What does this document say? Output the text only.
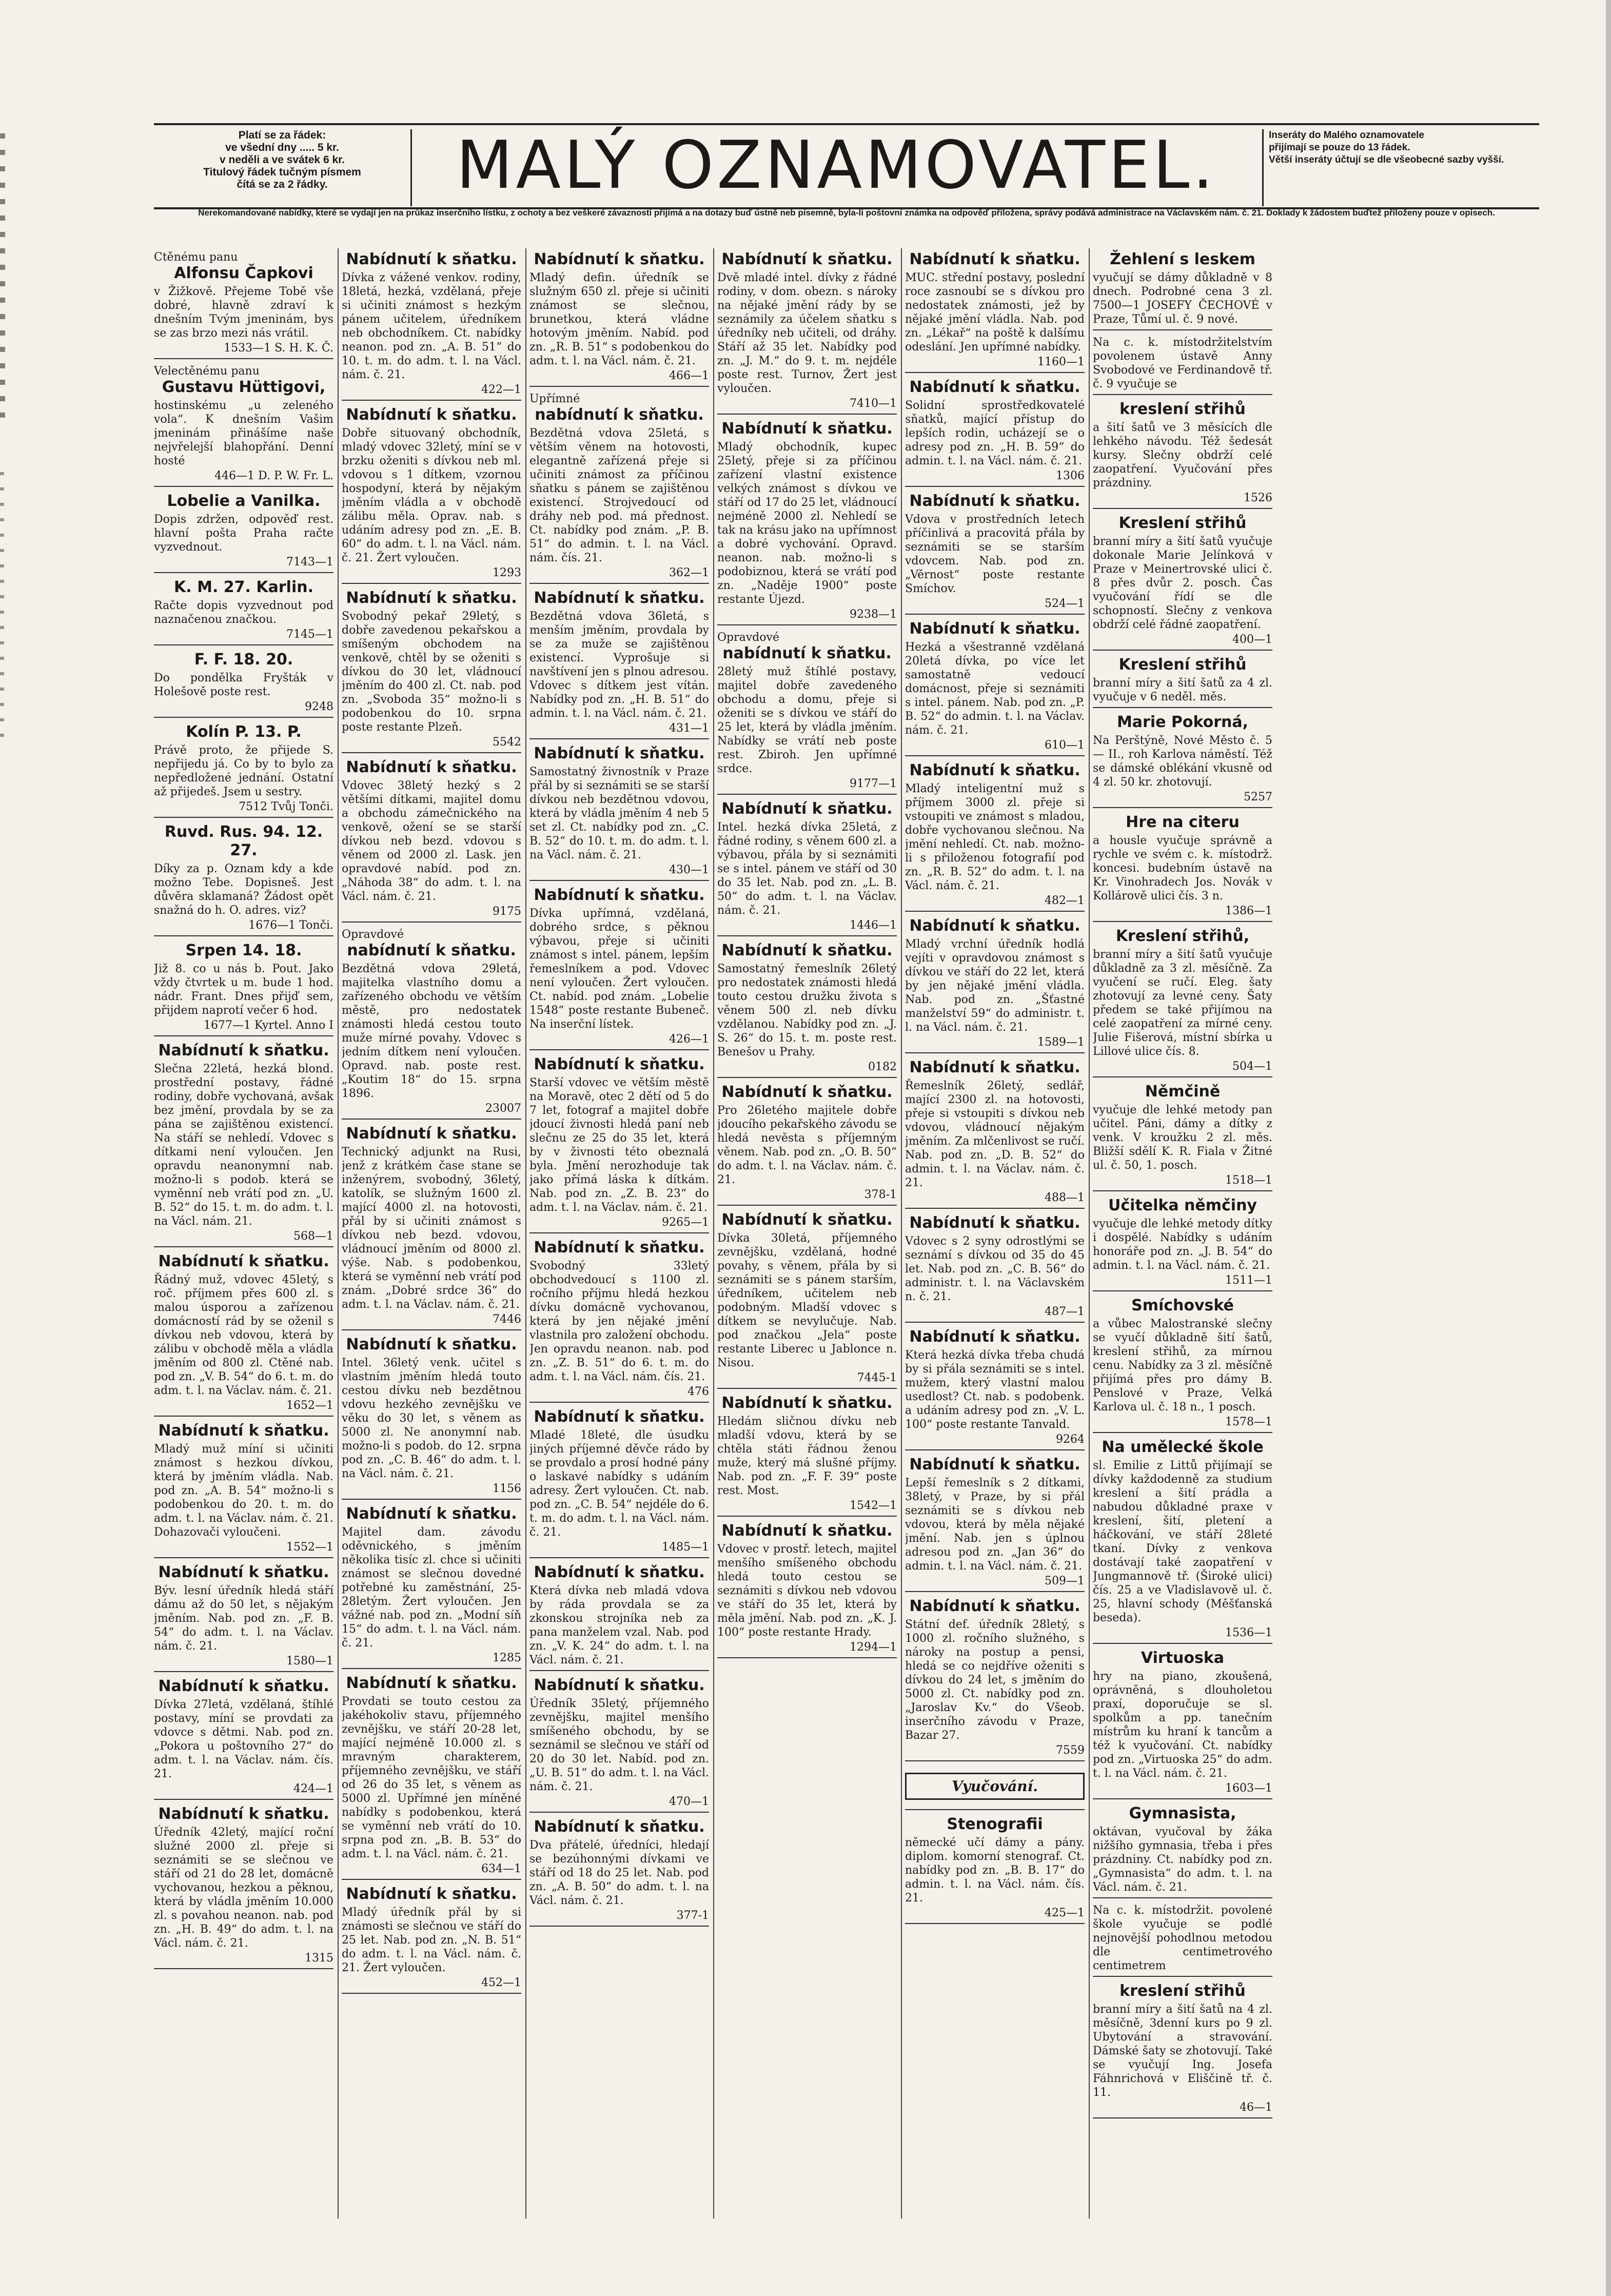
Platí se za řádek:
ve všední dny ..... 5 kr.
v neděli a ve svátek 6 kr.
Titulový řádek tučným písmem
čítá se za 2 řádky.	MALÝ OZNAMOVATEL.	Inseráty do Malého oznamovatele
přijímají se pouze do 13 řádek.
Větší inseráty účtují se dle všeobecné sazby vyšší.
Nerekomandované nabídky, které se vydají jen na průkaz inserčního lístku, z ochoty a bez veškeré závaznosti přijímá a na dotazy buď ústně neb písemně, byla-li poštovní známka na odpověď přiložena, správy podává administrace na Václavském nám. č. 21. Doklady k žádostem buďtež přiloženy pouze v opisech.

Ctěnému panu

Alfonsu Čapkovi

v Žižkově. Přejeme Tobě vše dobré, hlavně zdraví k dnešním Tvým jmeninám, bys se zas brzo mezi nás vrátil.

1533—1 S. H. K. Č.

Velectěnému panu

Gustavu Hüttigovi,

hostinskému „u zeleného vola“. K dnešním Vašim jmeninám přinášíme naše nejvřelejší blahopřání. Denní hosté

446—1 D. P. W. Fr. L.

Lobelie a Vanilka.

Dopis zdržen, odpověď rest. hlavní pošta Praha račte vyzvednout.

7143—1

K. M. 27. Karlin.

Račte dopis vyzvednout pod naznačenou značkou.

7145—1

F. F. 18. 20.

Do pondělka Fryšták v Holešově poste rest.

9248

Kolín P. 13. P.

Právě proto, že přijede S. nepřijedu já. Co by to bylo za nepředložené jednání. Ostatní až přijedeš. Jsem u sestry.

7512 Tvůj Tonči.

Ruvd. Rus. 94. 12. 27.

Díky za p. Oznam kdy a kde možno Tebe. Dopisneš. Jest důvěra sklamaná? Žádost opět snažná do h. O. adres. viz?

1676—1 Tonči.

Srpen 14. 18.

Již 8. co u nás b. Pout. Jako vždy čtvrtek u m. bude 1 hod. nádr. Frant. Dnes přijď sem, přijdem naprotí večer 6 hod.

1677—1 Kyrtel. Anno I

Nabídnutí k sňatku.

Slečna 22letá, hezká blond. prostřední postavy, řádné rodiny, dobře vychovaná, avšak bez jmění, provdala by se za pána se zajištěnou existencí. Na stáří se nehledí. Vdovec s dítkami není vyloučen. Jen opravdu neanonymní nab. možno-li s podob. která se vyměnní neb vrátí pod zn. „U. B. 52“ do 15. t. m. do adm. t. l. na Václ. nám. 21.

568—1

Nabídnutí k sňatku.

Řádný muž, vdovec 45letý, s roč. příjmem přes 600 zl. s malou úsporou a zařízenou domácností rád by se oženil s dívkou neb vdovou, která by zálibu v obchodě měla a vládla jměním od 800 zl. Ctěné nab. pod zn. „V. B. 54“ do 6. t. m. do adm. t. l. na Václav. nám. č. 21.

1652—1

Nabídnutí k sňatku.

Mladý muž míní si učiniti známost s hezkou dívkou, která by jměním vládla. Nab. pod zn. „A. B. 54“ možno-li s podobenkou do 20. t. m. do adm. t. l. na Václav. nám. č. 21. Dohazovači vyloučeni.

1552—1

Nabídnutí k sňatku.

Býv. lesní úředník hledá stáří dámu až do 50 let, s nějakým jměním. Nab. pod zn. „F. B. 54“ do adm. t. l. na Václav. nám. č. 21.

1580—1

Nabídnutí k sňatku.

Dívka 27letá, vzdělaná, štíhlé postavy, míní se provdati za vdovce s dětmi. Nab. pod zn. „Pokora u poštovního 27“ do adm. t. l. na Václav. nám. čís. 21.

424—1

Nabídnutí k sňatku.

Úředník 42letý, mající roční služné 2000 zl. přeje si seznámiti se se slečnou ve stáří od 21 do 28 let, domácně vychovanou, hezkou a pěknou, která by vládla jměním 10.000 zl. s povahou neanon. nab. pod zn. „H. B. 49“ do adm. t. l. na Václ. nám. č. 21.

1315

Nabídnutí k sňatku.

Dívka z vážené venkov. rodiny, 18letá, hezká, vzdělaná, přeje si učiniti známost s hezkým pánem učitelem, úředníkem neb obchodníkem. Ct. nabídky neanon. pod zn. „A. B. 51“ do 10. t. m. do adm. t. l. na Václ. nám. č. 21.

422—1

Nabídnutí k sňatku.

Dobře situovaný obchodník, mladý vdovec 32letý, míní se v brzku oženiti s dívkou neb ml. vdovou s 1 dítkem, vzornou hospodyní, která by nějakým jměním vládla a v obchodě zálibu měla. Oprav. nab. s udáním adresy pod zn. „E. B. 60“ do adm. t. l. na Václ. nám. č. 21. Žert vyloučen.

1293

Nabídnutí k sňatku.

Svobodný pekař 29letý, s dobře zavedenou pekařskou a smíšeným obchodem na venkově, chtěl by se oženiti s dívkou do 30 let, vládnoucí jměním do 400 zl. Ct. nab. pod zn. „Svoboda 35“ možno-li s podobenkou do 10. srpna poste restante Plzeň.

5542

Nabídnutí k sňatku.

Vdovec 38letý hezký s 2 většími dítkami, majitel domu a obchodu zámečnického na venkově, ožení se se starší dívkou neb bezd. vdovou s věnem od 2000 zl. Lask. jen opravdové nabíd. pod zn. „Náhoda 38“ do adm. t. l. na Václ. nám. č. 21.

9175

Opravdové

nabídnutí k sňatku.

Bezdětná vdova 29letá, majitelka vlastního domu a zařízeného obchodu ve větším městě, pro nedostatek známosti hledá cestou touto muže mírné povahy. Vdovec s jedním dítkem není vyloučen. Opravd. nab. poste rest. „Koutim 18“ do 15. srpna 1896.

23007

Nabídnutí k sňatku.

Technický adjunkt na Rusi, jenž z krátkém čase stane se inženýrem, svobodný, 36letý, katolík, se služným 1600 zl. mající 4000 zl. na hotovosti, přál by si učiniti známost s dívkou neb bezd. vdovou, vládnoucí jměním od 8000 zl. výše. Nab. s podobenkou, která se vyměnní neb vrátí pod znám. „Dobré srdce 36“ do adm. t. l. na Václav. nám. č. 21.

7446

Nabídnutí k sňatku.

Intel. 36letý venk. učitel s vlastním jměním hledá touto cestou dívku neb bezdětnou vdovu hezkého zevnějšku ve věku do 30 let, s věnem as 5000 zl. Ne anonymní nab. možno-li s podob. do 12. srpna pod zn. „C. B. 46“ do adm. t. l. na Václ. nám. č. 21.

1156

Nabídnutí k sňatku.

Majitel dam. závodu oděvnického, s jměním několika tisíc zl. chce si učiniti známost se slečnou dovedné potřebné ku zaměstnání, 25-28letým. Žert vyloučen. Jen vážné nab. pod zn. „Modní síň 15“ do adm. t. l. na Václ. nám. č. 21.

1285

Nabídnutí k sňatku.

Provdati se touto cestou za jakéhokoliv stavu, příjemného zevnějšku, ve stáří 20-28 let, mající nejméně 10.000 zl. s mravným charakterem, příjemného zevnějšku, ve stáří od 26 do 35 let, s věnem as 5000 zl. Upřímné jen míněné nabídky s podobenkou, která se vyměnní neb vrátí do 10. srpna pod zn. „B. B. 53“ do adm. t. l. na Václ. nám. č. 21.

634—1

Nabídnutí k sňatku.

Mladý úředník přál by si známosti se slečnou ve stáří do 25 let. Nab. pod zn. „N. B. 51“ do adm. t. l. na Václ. nám. č. 21. Žert vyloučen.

452—1

Nabídnutí k sňatku.

Mladý defin. úředník se služným 650 zl. přeje si učiniti známost se slečnou, brunetkou, která vládne hotovým jměním. Nabíd. pod zn. „R. B. 51“ s podobenkou do adm. t. l. na Václ. nám. č. 21.

466—1

Upřímné

nabídnutí k sňatku.

Bezdětná vdova 25letá, s větším věnem na hotovosti, elegantně zařízená přeje si učiniti známost za příčinou sňatku s pánem se zajištěnou existencí. Strojvedoucí od dráhy neb pod. má přednost. Ct. nabídky pod znám. „P. B. 51“ do admin. t. l. na Václ. nám. čís. 21.

362—1

Nabídnutí k sňatku.

Bezdětná vdova 36letá, s menším jměním, provdala by se za muže se zajištěnou existencí. Vyprošuje si navštívení jen s plnou adresou. Vdovec s dítkem jest vítán. Nabídky pod zn. „H. B. 51“ do admin. t. l. na Václ. nám. č. 21.

431—1

Nabídnutí k sňatku.

Samostatný živnostník v Praze přál by si seznámiti se se starší dívkou neb bezdětnou vdovou, která by vládla jměním 4 neb 5 set zl. Ct. nabídky pod zn. „C. B. 52“ do 10. t. m. do adm. t. l. na Václ. nám. č. 21.

430—1

Nabídnutí k sňatku.

Dívka upřímná, vzdělaná, dobrého srdce, s pěknou výbavou, přeje si učiniti známost s intel. pánem, lepším řemeslníkem a pod. Vdovec není vyloučen. Žert vyloučen. Ct. nabíd. pod znám. „Lobelie 1548“ poste restante Bubeneč. Na inserční lístek.

426—1

Nabídnutí k sňatku.

Starší vdovec ve větším městě na Moravě, otec 2 dětí od 5 do 7 let, fotograf a majitel dobře jdoucí živnosti hledá paní neb slečnu ze 25 do 35 let, která by v živnosti této obeznalá byla. Jmění nerozhoduje tak jako přímá láska k dítkám. Nab. pod zn. „Z. B. 23“ do adm. t. l. na Václav. nám. č. 21.

9265—1

Nabídnutí k sňatku.

Svobodný 33letý obchodvedoucí s 1100 zl. ročního příjmu hledá hezkou dívku domácně vychovanou, která by jen nějaké jmění vlastnila pro založení obchodu. Jen opravdu neanon. nab. pod zn. „Z. B. 51“ do 6. t. m. do adm. t. l. na Václ. nám. čís. 21.

476

Nabídnutí k sňatku.

Mladé 18leté, dle úsudku jiných příjemné děvče rádo by se provdalo a prosí hodné pány o laskavé nabídky s udáním adresy. Žert vyloučen. Ct. nab. pod zn. „C. B. 54“ nejdéle do 6. t. m. do adm. t. l. na Václ. nám. č. 21.

1485—1

Nabídnutí k sňatku.

Která dívka neb mladá vdova by ráda provdala se za zkonskou strojníka neb za pana manželem vzal. Nab. pod zn. „V. K. 24“ do adm. t. l. na Václ. nám. č. 21.

Nabídnutí k sňatku.

Úředník 35letý, příjemného zevnějšku, majitel menšího smíšeného obchodu, by se seznámil se slečnou ve stáří od 20 do 30 let. Nabíd. pod zn. „U. B. 51“ do adm. t. l. na Václ. nám. č. 21.

470—1

Nabídnutí k sňatku.

Dva přátelé, úředníci, hledají se bezúhonnými dívkami ve stáří od 18 do 25 let. Nab. pod zn. „A. B. 50“ do adm. t. l. na Václ. nám. č. 21.

377-1

Nabídnutí k sňatku.

Dvě mladé intel. dívky z řádné rodiny, v dom. obezn. s nároky na nějaké jmění rády by se seznámily za účelem sňatku s úředníky neb učiteli, od dráhy. Stáří až 35 let. Nabídky pod zn. „J. M.“ do 9. t. m. nejdéle poste rest. Turnov, Žert jest vyloučen.

7410—1

Nabídnutí k sňatku.

Mladý obchodník, kupec 25letý, přeje si za příčinou zařízení vlastní existence velkých známost s dívkou ve stáří od 17 do 25 let, vládnoucí nejméně 2000 zl. Nehledí se tak na krásu jako na upřímnost a dobré vychování. Opravd. neanon. nab. možno-li s podobiznou, která se vrátí pod zn. „Naděje 1900“ poste restante Újezd.

9238—1

Opravdové

nabídnutí k sňatku.

28letý muž štíhlé postavy, majitel dobře zavedeného obchodu a domu, přeje si oženiti se s dívkou ve stáří do 25 let, která by vládla jměním. Nabídky se vrátí neb poste rest. Zbiroh. Jen upřímné srdce.

9177—1

Nabídnutí k sňatku.

Intel. hezká dívka 25letá, z řádné rodiny, s věnem 600 zl. a výbavou, přála by si seznámiti se s intel. pánem ve stáří od 30 do 35 let. Nab. pod zn. „L. B. 50“ do adm. t. l. na Václav. nám. č. 21.

1446—1

Nabídnutí k sňatku.

Samostatný řemeslník 26letý pro nedostatek známosti hledá touto cestou družku života s věnem 500 zl. neb dívku vzdělanou. Nabídky pod zn. „J. S. 26“ do 15. t. m. poste rest. Benešov u Prahy.

0182

Nabídnutí k sňatku.

Pro 26letého majitele dobře jdoucího pekařského závodu se hledá nevěsta s příjemným věnem. Nab. pod zn. „O. B. 50“ do adm. t. l. na Václav. nám. č. 21.

378-1

Nabídnutí k sňatku.

Dívka 30letá, příjemného zevnějšku, vzdělaná, hodné povahy, s věnem, přála by si seznámiti se s pánem starším, úředníkem, učitelem neb podobným. Mladší vdovec s dítkem se nevylučuje. Nab. pod značkou „Jela“ poste restante Liberec u Jablonce n. Nisou.

7445-1

Nabídnutí k sňatku.

Hledám sličnou dívku neb mladší vdovu, která by se chtěla státi řádnou ženou muže, který má slušné příjmy. Nab. pod zn. „F. F. 39“ poste rest. Most.

1542—1

Nabídnutí k sňatku.

Vdovec v prostř. letech, majitel menšího smíšeného obchodu hledá touto cestou se seznámiti s dívkou neb vdovou ve stáří do 35 let, která by měla jmění. Nab. pod zn. „K. J. 100“ poste restante Hrady.

1294—1

Nabídnutí k sňatku.

MUC. střední postavy, poslední roce zasnoubí se s dívkou pro nedostatek známosti, jež by nějaké jmění vládla. Nab. pod zn. „Lékař“ na poště k dalšímu odeslání. Jen upřímné nabídky.

1160—1

Nabídnutí k sňatku.

Solidní sprostředkovatelé sňatků, mající přístup do lepších rodin, ucházejí se o adresy pod zn. „H. B. 59“ do admin. t. l. na Václ. nám. č. 21.

1306

Nabídnutí k sňatku.

Vdova v prostředních letech příčinlivá a pracovitá přála by seznámiti se se starším vdovcem. Nab. pod zn. „Věrnost“ poste restante Smíchov.

524—1

Nabídnutí k sňatku.

Hezká a všestranně vzdělaná 20letá dívka, po více let samostatně vedoucí domácnost, přeje si seznámiti s intel. pánem. Nab. pod zn. „P. B. 52“ do admin. t. l. na Václav. nám. č. 21.

610—1

Nabídnutí k sňatku.

Mladý inteligentní muž s příjmem 3000 zl. přeje si vstoupiti ve známost s mladou, dobře vychovanou slečnou. Na jmění nehledí. Ct. nab. možno-li s přiloženou fotografií pod zn. „R. B. 52“ do adm. t. l. na Václ. nám. č. 21.

482—1

Nabídnutí k sňatku.

Mladý vrchní úředník hodlá vejíti v opravdovou známost s dívkou ve stáří do 22 let, která by jen nějaké jmění vládla. Nab. pod zn. „Šťastné manželství 59“ do administr. t. l. na Václ. nám. č. 21.

1589—1

Nabídnutí k sňatku.

Řemeslník 26letý, sedlář, mající 2300 zl. na hotovosti, přeje si vstoupiti s dívkou neb vdovou, vládnoucí nějakým jměním. Za mlčenlivost se ručí. Nab. pod zn. „D. B. 52“ do admin. t. l. na Václav. nám. č. 21.

488—1

Nabídnutí k sňatku.

Vdovec s 2 syny odrostlými se seznámí s dívkou od 35 do 45 let. Nab. pod zn. „C. B. 56“ do administr. t. l. na Václavském n. č. 21.

487—1

Nabídnutí k sňatku.

Která hezká dívka třeba chudá by si přála seznámiti se s intel. mužem, který vlastní malou usedlost? Ct. nab. s podobenk. a udáním adresy pod zn. „V. L. 100“ poste restante Tanvald.

9264

Nabídnutí k sňatku.

Lepší řemeslník s 2 dítkami, 38letý, v Praze, by si přál seznámiti se s dívkou neb vdovou, která by měla nějaké jmění. Nab. jen s úplnou adresou pod zn. „Jan 36“ do admin. t. l. na Václ. nám. č. 21.

509—1

Nabídnutí k sňatku.

Státní def. úředník 28letý, s 1000 zl. ročního služného, s nároky na postup a pensi, hledá se co nejdříve oženiti s dívkou do 24 let, s jměním do 5000 zl. Ct. nabídky pod zn. „Jaroslav Kv.“ do Všeob. inserčního závodu v Praze, Bazar 27.

7559

Vyučování.
Stenografii

německé učí dámy a pány. diplom. komorní stenograf. Ct. nabídky pod zn. „B. B. 17“ do admin. t. l. na Václ. nám. čís. 21.

425—1

Žehlení s leskem

vyučují se dámy důkladně v 8 dnech. Podrobné cena 3 zl. 7500—1 JOSEFY ČECHOVÉ v Praze, Tůmí ul. č. 9 nové.

Na c. k. místodržitelstvím povolenem ústavě Anny Svobodové ve Ferdinandově tř. č. 9 vyučuje se

kreslení střihů

a šití šatů ve 3 měsících dle lehkého návodu. Též šedesát kursy. Slečny obdrží celé zaopatření. Vyučování přes prázdniny.

1526

Kreslení střihů

branní míry a šití šatů vyučuje dokonale Marie Jelínková v Praze v Meinertrovské ulici č. 8 přes dvůr 2. posch. Čas vyučování řídí se dle schopností. Slečny z venkova obdrží celé řádné zaopatření.

400—1

Kreslení střihů

branní míry a šití šatů za 4 zl. vyučuje v 6 neděl. měs.

Marie Pokorná,

Na Perštýně, Nové Město č. 5 — II., roh Karlova náměstí. Též se dámské oblékání vkusně od 4 zl. 50 kr. zhotovují.

5257

Hre na citeru

a housle vyučuje správně a rychle ve svém c. k. místodrž. koncesi. budebním ústavě na Kr. Vinohradech Jos. Novák v Kollárově ulici čís. 3 n.

1386—1

Kreslení střihů,

branní míry a šití šatů vyučuje důkladně za 3 zl. měsíčně. Za vyučení se ručí. Eleg. šaty zhotovují za levné ceny. Šaty předem se také přijímou na celé zaopatření za mírné ceny. Julie Fišerová, místní sbírka u Lillové ulice čís. 8.

504—1

Němčině

vyučuje dle lehké metody pan učitel. Páni, dámy a dítky z venk. V kroužku 2 zl. měs. Bližší sdělí K. R. Fiala v Žitné ul. č. 50, 1. posch.

1518—1

Učitelka němčiny

vyučuje dle lehké metody dítky i dospělé. Nabídky s udáním honoráře pod zn. „J. B. 54“ do admin. t. l. na Václ. nám. č. 21.

1511—1

Smíchovské

a vůbec Malostranské slečny se vyučí důkladně šití šatů, kreslení střihů, za mírnou cenu. Nabídky za 3 zl. měsíčně přijímá přes pro dámy B. Penslové v Praze, Velká Karlova ul. č. 18 n., 1 posch.

1578—1

Na umělecké škole

sl. Emilie z Littů přijímají se dívky každodenně za studium kreslení a šití prádla a nabudou důkladné praxe v kreslení, šití, pletení a háčkování, ve stáří 28leté tkaní. Dívky z venkova dostávají také zaopatření v Jungmannově tř. (Široké ulici) čís. 25 a ve Vladislavově ul. č. 25, hlavní schody (Měšťanská beseda).

1536—1

Virtuoska

hry na piano, zkoušená, oprávněná, s dlouholetou praxí, doporučuje se sl. spolkům a pp. tanečním místrům ku hraní k tancům a též k vyučování. Ct. nabídky pod zn. „Virtuoska 25“ do adm. t. l. na Václ. nám. č. 21.

1603—1

Gymnasista,

oktávan, vyučoval by žáka nižšího gymnasia, třeba i přes prázdniny. Ct. nabídky pod zn. „Gymnasista“ do adm. t. l. na Václ. nám. č. 21.

Na c. k. místodržit. povolené škole vyučuje se podlé nejnovější pohodlnou metodou dle centimetrového centimetrem

kreslení střihů

branní míry a šití šatů na 4 zl. měsíčně, 3denní kurs po 9 zl. Ubytování a stravování. Dámské šaty se zhotovují. Také se vyučují Ing. Josefa Fáhnrichová v Eliščině tř. č. 11.

46—1
